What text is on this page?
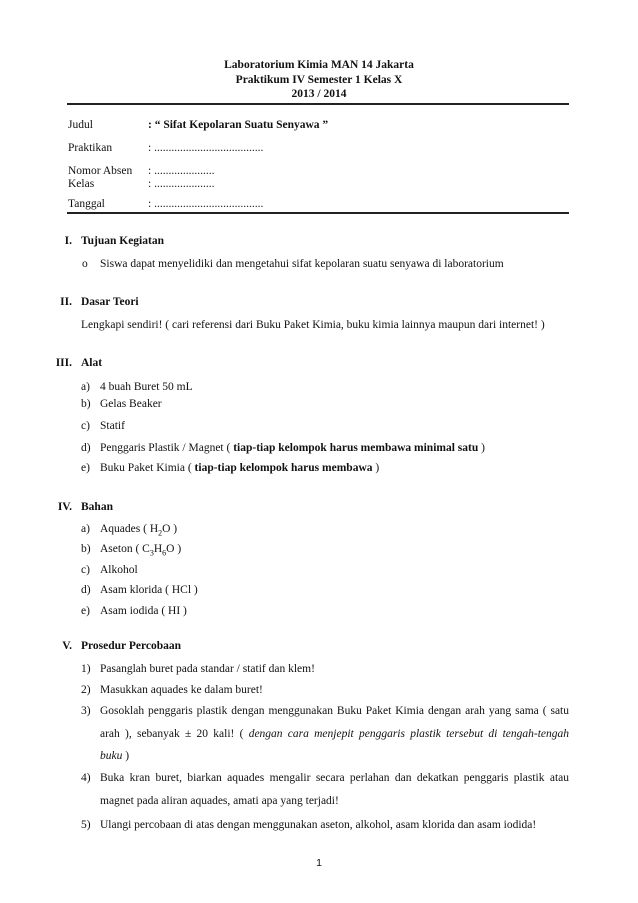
Laboratorium Kimia MAN 14 Jakarta
Praktikum IV Semester 1 Kelas X
2013 / 2014
Judul	: “ Sifat Kepolaran Suatu Senyawa ”
Praktikan	: ......................................
Nomor Absen : .....................
Kelas	: .....................
Tanggal	: ......................................
I. Tujuan Kegiatan
o Siswa dapat menyelidiki dan mengetahui sifat kepolaran suatu senyawa di laboratorium
II. Dasar Teori
Lengkapi sendiri! ( cari referensi dari Buku Paket Kimia, buku kimia lainnya maupun dari internet! )
III. Alat
a) 4 buah Buret 50 mL
b) Gelas Beaker
c) Statif
d) Penggaris Plastik / Magnet ( tiap-tiap kelompok harus membawa minimal satu )
e) Buku Paket Kimia ( tiap-tiap kelompok harus membawa )
IV. Bahan
a) Aquades ( $H_2O$ )
b) Aseton ( $C_3H_6O$ )
c) Alkohol
d) Asam klorida ( HCl )
e) Asam iodida ( HI )
V. Prosedur Percobaan
1) Pasanglah buret pada standar / statif dan klem!
2) Masukkan aquades ke dalam buret!
3) Gosoklah penggaris plastik dengan menggunakan Buku Paket Kimia dengan arah yang sama ( satu
arah ), sebanyak ± 20 kali! ( dengan cara menjepit penggaris plastik tersebut di tengah-tengah
buku )
4) Buka kran buret, biarkan aquades mengalir secara perlahan dan dekatkan penggaris plastik atau
magnet pada aliran aquades, amati apa yang terjadi!
5) Ulangi percobaan di atas dengan menggunakan aseton, alkohol, asam klorida dan asam iodida!
1
